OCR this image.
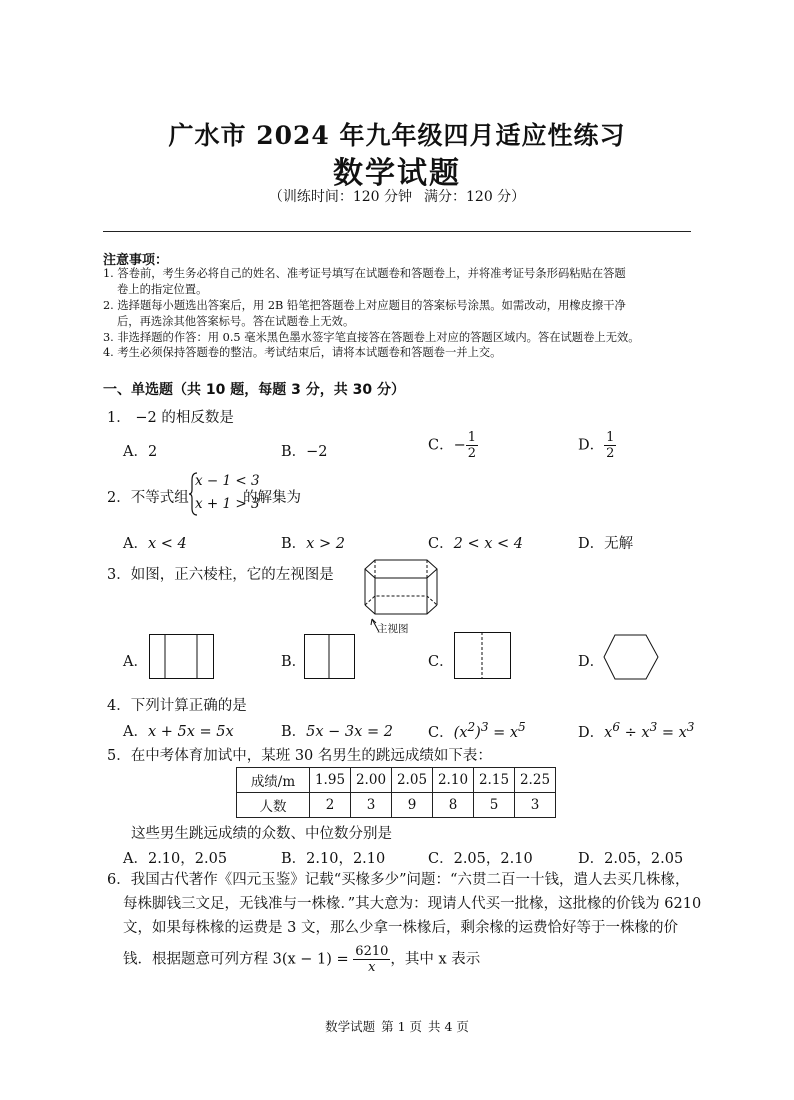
广水市 2024 年九年级四月适应性练习
数学试题
（训练时间：120 分钟 满分：120 分）
注意事项：
1. 答卷前，考生务必将自己的姓名、准考证号填写在试题卷和答题卷上，并将准考证号条形码粘贴在答题
卷上的指定位置。
2. 选择题每小题选出答案后，用 2B 铅笔把答题卷上对应题目的答案标号涂黑。如需改动，用橡皮擦干净
后，再选涂其他答案标号。答在试题卷上无效。
3. 非选择题的作答：用 0.5 毫米黑色墨水签字笔直接答在答题卷上对应的答题区域内。答在试题卷上无效。
4. 考生必须保持答题卷的整洁。考试结束后，请将本试题卷和答题卷一并上交。
一、单选题（共 10 题，每题 3 分，共 30 分）
1． −2 的相反数是
A．2	B．−2	C．− $\frac{1}{2}$	D． $\frac{1}{2}$
2．不等式组
x − 1 < 3
x + 1 > 3
的解集为
A．x < 4	B．x > 2	C．2 < x < 4	D．无解
3．如图，正六棱柱，它的左视图是
主视图
A．	B．	C．	D．
4．下列计算正确的是
A．x + 5x = 5x	B．5x − 3x = 2 C．$(x^2)^3 = x^5$	D．$x^6 \div x^3 = x^3$
5．在中考体育加试中，某班 30 名男生的跳远成绩如下表：
成绩/m	1.95	2.00	2.05	2.10	2.15	2.25
人数	2	3	9	8	5	3
这些男生跳远成绩的众数、中位数分别是
A．2.10，2.05	B．2.10，2.10	C．2.05，2.10	D．2.05，2.05
6．我国古代著作《四元玉鉴》记载“买椽多少”问题：“六贯二百一十钱，遣人去买几株椽，
每株脚钱三文足，无钱准与一株椽．”其大意为：现请人代买一批椽，这批椽的价钱为 6210
文，如果每株椽的运费是 3 文，那么少拿一株椽后，剩余椽的运费恰好等于一株椽的价
钱．根据题意可列方程 $3(x - 1) = \frac{6210}{x}$ ，其中 x 表示
数学试题 第 1 页 共 4 页
